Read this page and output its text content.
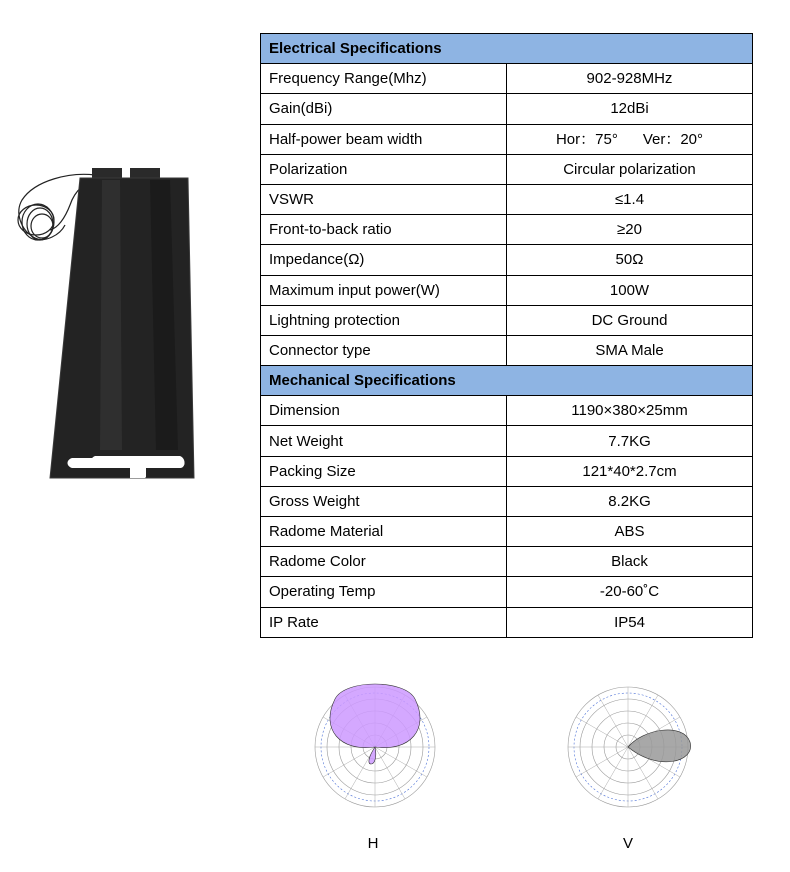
Electrical Specifications	
Frequency Range(Mhz)	902-928MHz
Gain(dBi)	12dBi
Half-power beam width	Hor：75°      Ver：20°
Polarization	Circular polarization
VSWR	≤1.4
Front-to-back ratio	≥20
Impedance(Ω)	50Ω
Maximum input power(W)	100W
Lightning protection	DC Ground
Connector type	SMA Male
Mechanical Specifications	
Dimension	1190×380×25mm
Net Weight	7.7KG
Packing Size	121*40*2.7cm
Gross Weight	8.2KG
Radome Material	ABS
Radome Color	Black
Operating Temp	-20-60˚C
IP Rate	IP54
H	V
